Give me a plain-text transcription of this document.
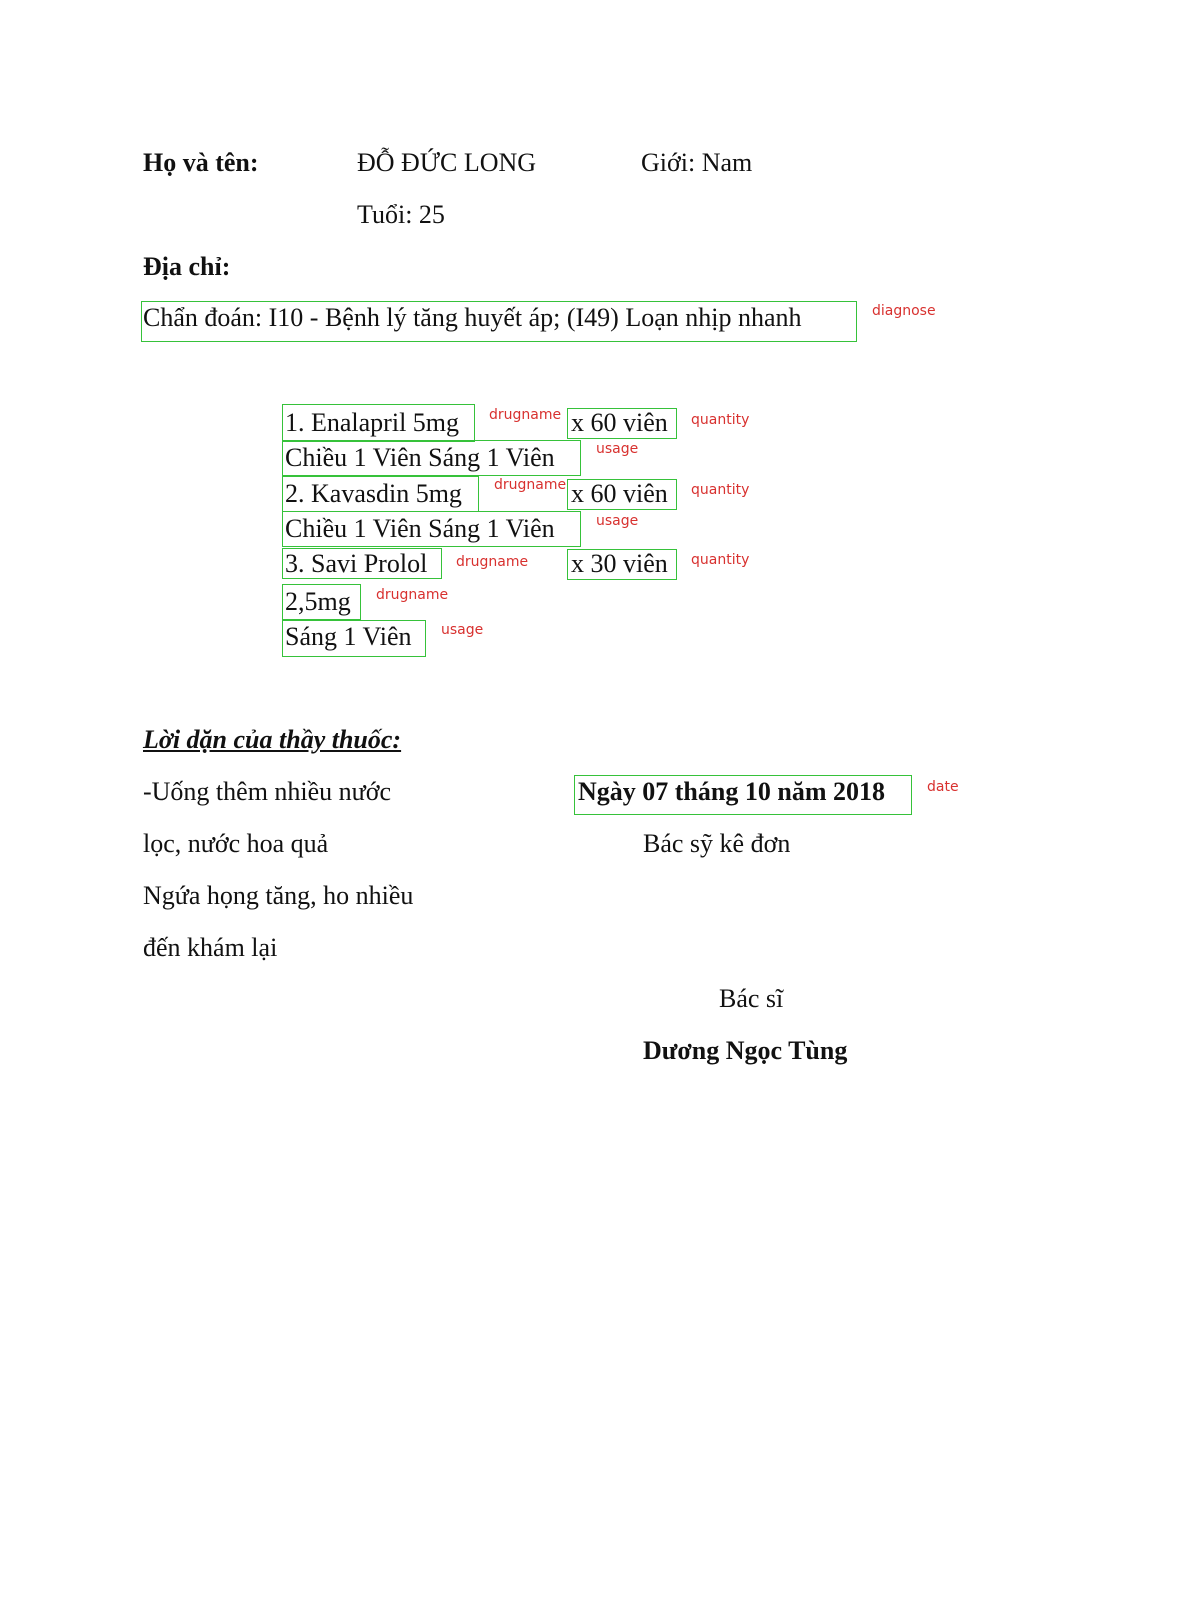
Họ và tên:	ĐỖ ĐỨC LONG	Giới: Nam
Tuổi: 25
Địa chỉ:
Chẩn đoán: I10 - Bệnh lý tăng huyết áp; (I49) Loạn nhịp nhanh	diagnose
1. Enalapril 5mg drugname x 60 viên quantity
Chiều 1 Viên Sáng 1 Viên	usage
2. Kavasdin 5mg drugname x 60 viên quantity
Chiều 1 Viên Sáng 1 Viên	usage
3. Savi Prolol drugname x 30 viên quantity
2,5mg drugname
Sáng 1 Viên usage
Lời dặn của thầy thuốc:
-Uống thêm nhiều nước
lọc, nước hoa quả
Ngứa họng tăng, ho nhiều
đến khám lại
Ngày 07 tháng 10 năm 2018	date
Bác sỹ kê đơn
Bác sĩ
Dương Ngọc Tùng
